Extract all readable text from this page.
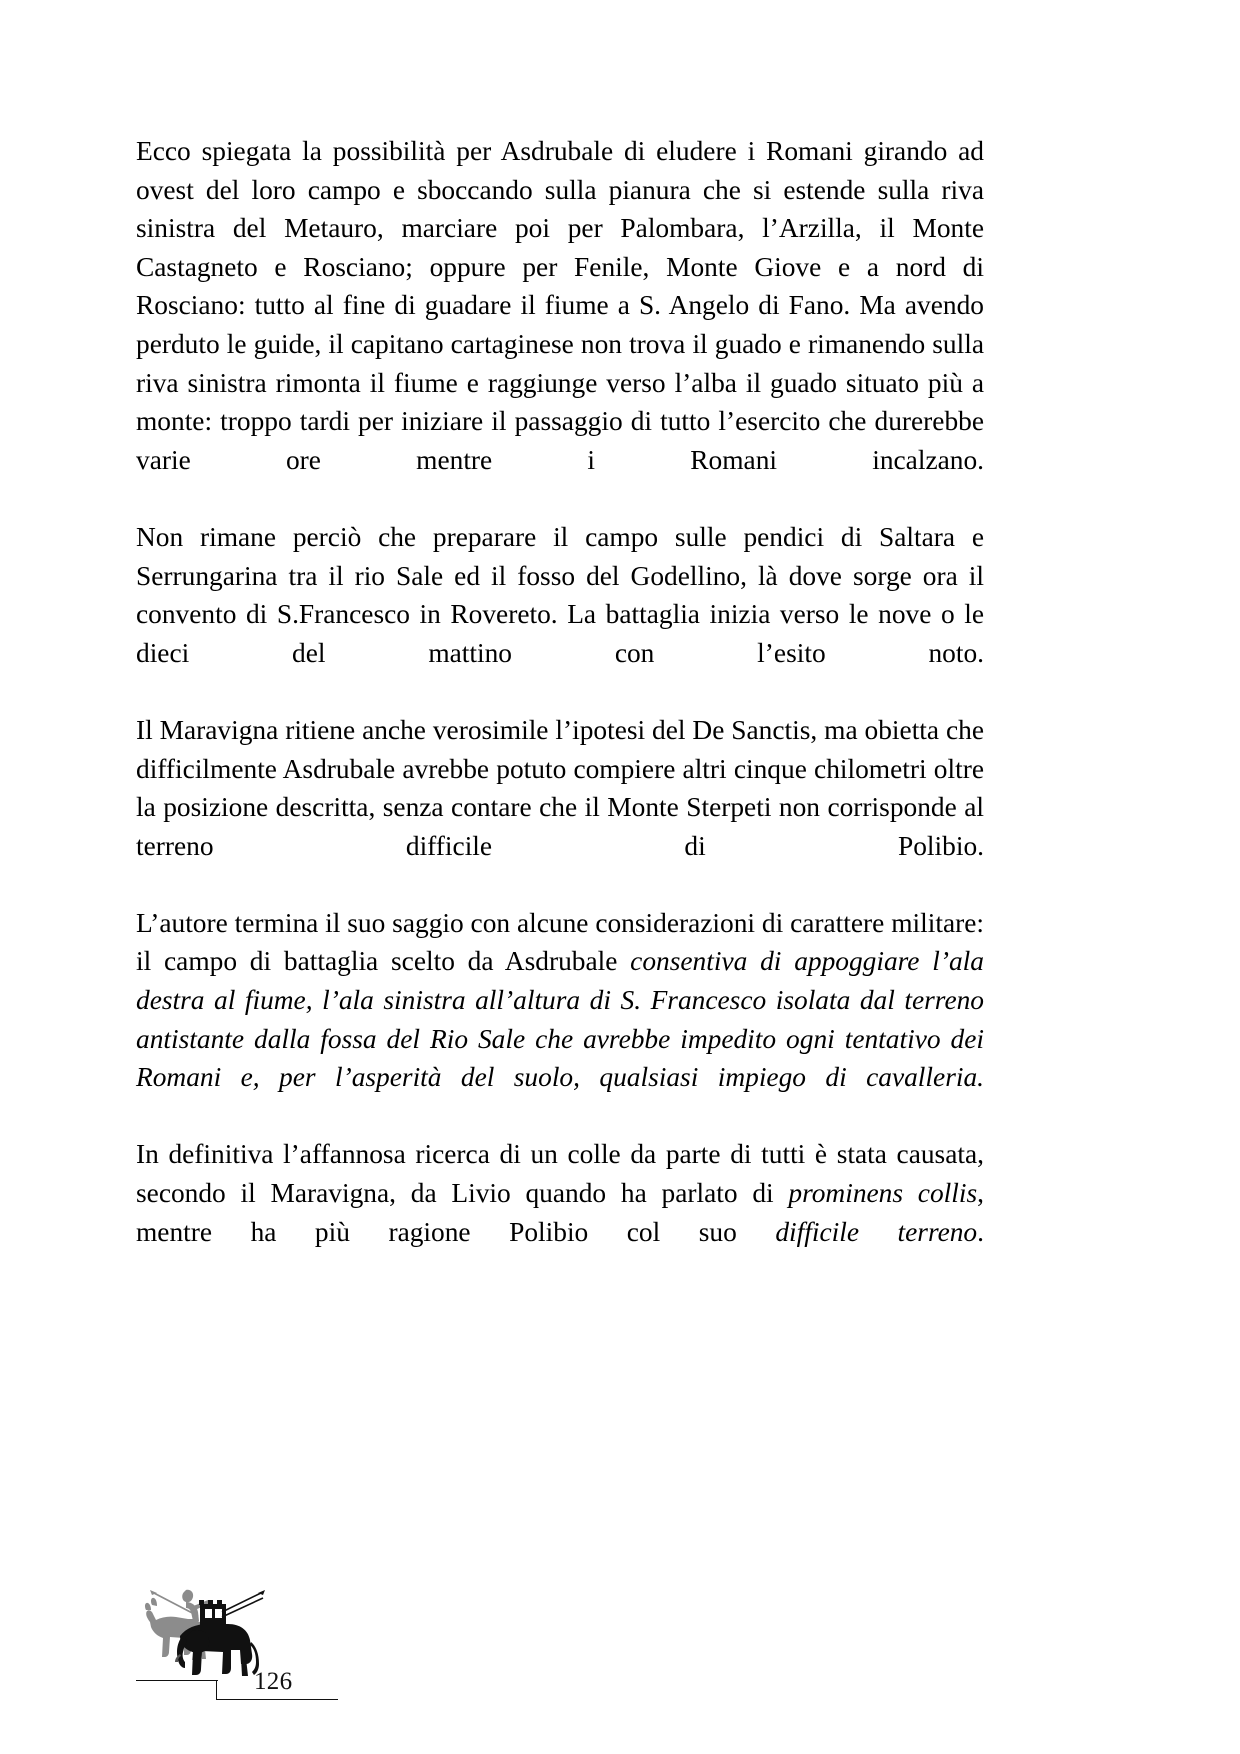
Ecco spiegata la possibilità per Asdrubale di eludere i Romani girando ad ovest del loro campo e sboccando sulla pianura che si estende sulla riva sinistra del Metauro, marciare poi per Palombara, l’Arzilla, il Monte Castagneto e Rosciano; oppure per Fenile, Monte Giove e a nord di Rosciano: tutto al fine di guadare il fiume a S. Angelo di Fano. Ma avendo perduto le guide, il capitano cartaginese non trova il guado e rimanendo sulla riva sinistra rimonta il fiume e raggiunge verso l’alba il guado situato più a monte: troppo tardi per iniziare il passaggio di tutto l’esercito che durerebbe varie ore mentre i Romani incalzano.

Non rimane perciò che preparare il campo sulle pendici di Saltara e Serrungarina tra il rio Sale ed il fosso del Godellino, là dove sorge ora il convento di S.Francesco in Rovereto. La battaglia inizia verso le nove o le dieci del mattino con l’esito noto.

Il Maravigna ritiene anche verosimile l’ipotesi del De Sanctis, ma obietta che difficilmente Asdrubale avrebbe potuto compiere altri cinque chilometri oltre la posizione descritta, senza contare che il Monte Sterpeti non corrisponde al terreno difficile di Polibio.

L’autore termina il suo saggio con alcune considerazioni di carattere militare: il campo di battaglia scelto da Asdrubale consentiva di appoggiare l’ala destra al fiume, l’ala sinistra all’altura di S. Francesco isolata dal terreno antistante dalla fossa del Rio Sale che avrebbe impedito ogni tentativo dei Romani e, per l’asperità del suolo, qualsiasi impiego di cavalleria.

In definitiva l’affannosa ricerca di un colle da parte di tutti è stata causata, secondo il Maravigna, da Livio quando ha parlato di prominens collis, mentre ha più ragione Polibio col suo difficile terreno.

126
